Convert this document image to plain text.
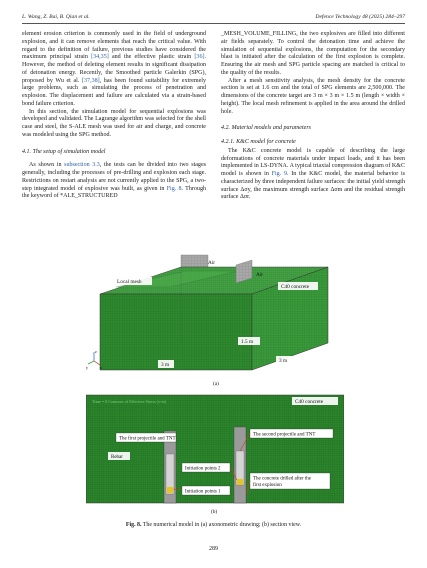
L. Wang, Z. Bai, B. Qian et al.	Defence Technology 48 (2025) 284–297

element erosion criterion is commonly used in the field of underground explosion, and it can remove elements that reach the critical value. With regard to the definition of failure, previous studies have considered the maximum principal strain [34,35] and the effective plastic strain [36]. However, the method of deleting element results in significant dissipation of detonation energy. Recently, the Smoothed particle Galerkin (SPG), proposed by Wu et al. [37,38], has been found suitability for extremely large problems, such as simulating the process of penetration and explosion. The displacement and failure are calculated via a strain-based bond failure criterion.

In this section, the simulation model for sequential explosions was developed and validated. The Lagrange algorithm was selected for the shell case and steel, the S-ALE mesh was used for air and charge, and concrete was modeled using the SPG method.

4.1. The setup of simulation model

As shown in subsection 3.3, the tests can be divided into two stages generally, including the processes of pre-drilling and explosion each stage. Restrictions on restart analysis are not currently applied to the SPG, a two-step integrated model of explosive was built, as given in Fig. 8. Through the keyword of *ALE_STRUCTURED

_MESH_VOLUME_FILLING, the two explosives are filled into different air fields separately. To control the detonation time and achieve the simulation of sequential explosions, the computation for the secondary blast is initiated after the calculation of the first explosion is complete. Ensuring the air mesh and SPG particle spacing are matched is critical to the quality of the results.

After a mesh sensitivity analysis, the mesh density for the concrete section is set at 1.6 cm and the total of SPG elements are 2,500,000. The dimensions of the concrete target are 3 m × 3 m × 1.5 m (length × width × height). The local mesh refinement is applied in the area around the drilled hole.

4.2. Material models and parameters
4.2.1. K&C model for concrete

The K&C concrete model is capable of describing the large deformations of concrete materials under impact loads, and it has been implemented in LS-DYNA. A typical triaxial compression diagram of K&C model is shown in Fig. 9. In the K&C model, the material behavior is characterized by three independent failure surfaces: the initial yield strength surface Δσy, the maximum strength surface Δσm and the residual strength surface Δσr.

Air
Air
Local mesh
C40 concrete
1.5 m
3 m
3 m
z
x
y
(a)
Time = 0 Contours of Effective Stress (v-m)	C40 concrete
The first projectile and TNT
The second projectile and TNT
Rebar
Initiation points 2
Initiation points 1
The concrete drilled after the
first explosion
(b)
Fig. 8. The numerical model in (a) axonometric drawing; (b) section view.
289
